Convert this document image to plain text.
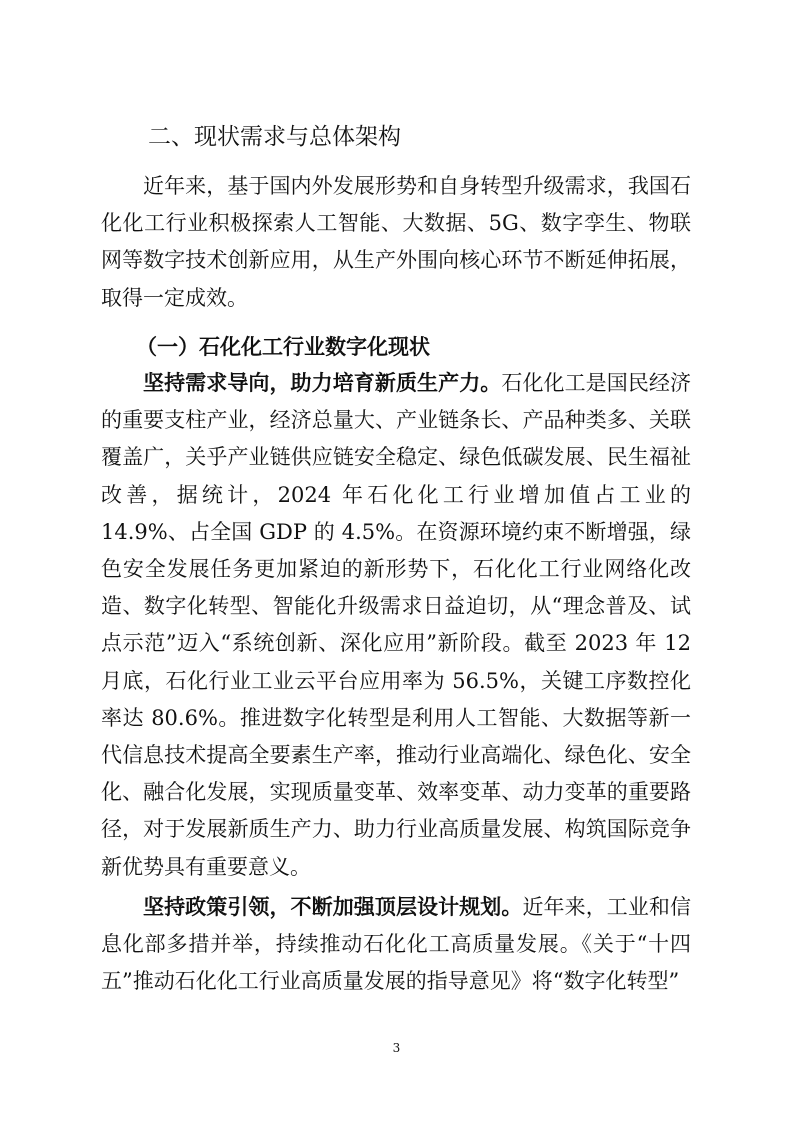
二、现状需求与总体架构

近年来，基于国内外发展形势和自身转型升级需求，我国石化化工行业积极探索人工智能、大数据、5G、数字孪生、物联网等数字技术创新应用，从生产外围向核心环节不断延伸拓展，取得一定成效。

（一）石化化工行业数字化现状

坚持需求导向，助力培育新质生产力。石化化工是国民经济的重要支柱产业，经济总量大、产业链条长、产品种类多、关联覆盖广，关乎产业链供应链安全稳定、绿色低碳发展、民生福祉改善，据统计，2024 年石化化工行业增加值占工业的 14.9%、占全国 GDP 的 4.5%。在资源环境约束不断增强，绿色安全发展任务更加紧迫的新形势下，石化化工行业网络化改造、数字化转型、智能化升级需求日益迫切，从“理念普及、试点示范”迈入“系统创新、深化应用”新阶段。截至 2023 年 12 月底，石化行业工业云平台应用率为 56.5%，关键工序数控化率达 80.6%。推进数字化转型是利用人工智能、大数据等新一代信息技术提高全要素生产率，推动行业高端化、绿色化、安全化、融合化发展，实现质量变革、效率变革、动力变革的重要路径，对于发展新质生产力、助力行业高质量发展、构筑国际竞争新优势具有重要意义。

坚持政策引领，不断加强顶层设计规划。近年来，工业和信息化部多措并举，持续推动石化化工高质量发展。《关于“十四五”推动石化化工行业高质量发展的指导意见》将“数字化转型”

3
